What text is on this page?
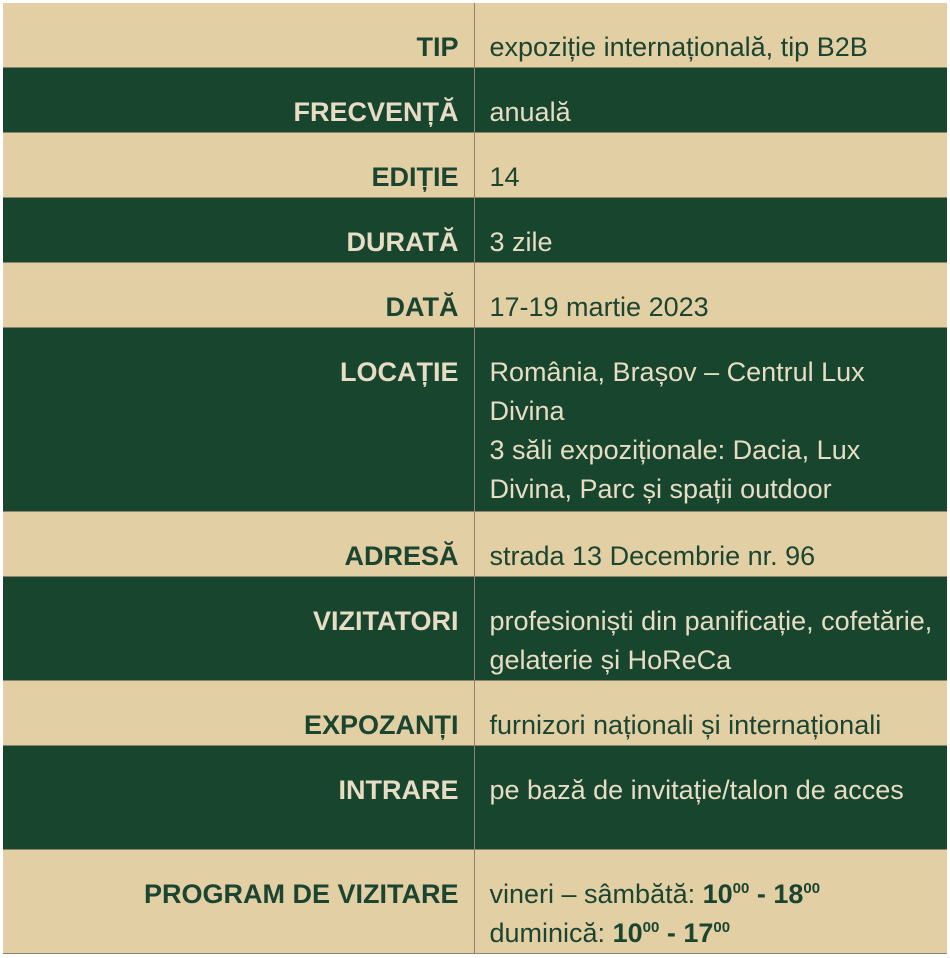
TIP	expoziție internațională, tip B2B
FRECVENȚĂ	anuală
EDIȚIE	14
DURATĂ	3 zile
DATĂ	17-19 martie 2023
LOCAȚIE	România, Brașov – Centrul Lux Divina
3 săli expoziționale: Dacia, Lux Divina, Parc și spații outdoor

ADRESĂ	strada 13 Decembrie nr. 96
VIZITATORI	profesioniști din panificație, cofetărie, gelaterie și HoReCa
EXPOZANȚI	furnizori naționali și internaționali
INTRARE	pe bază de invitație/talon de acces
PROGRAM DE VIZITARE	vineri – sâmbătă: $10^{00} - 18^{00}$
duminică: $10^{00} - 17^{00}$
